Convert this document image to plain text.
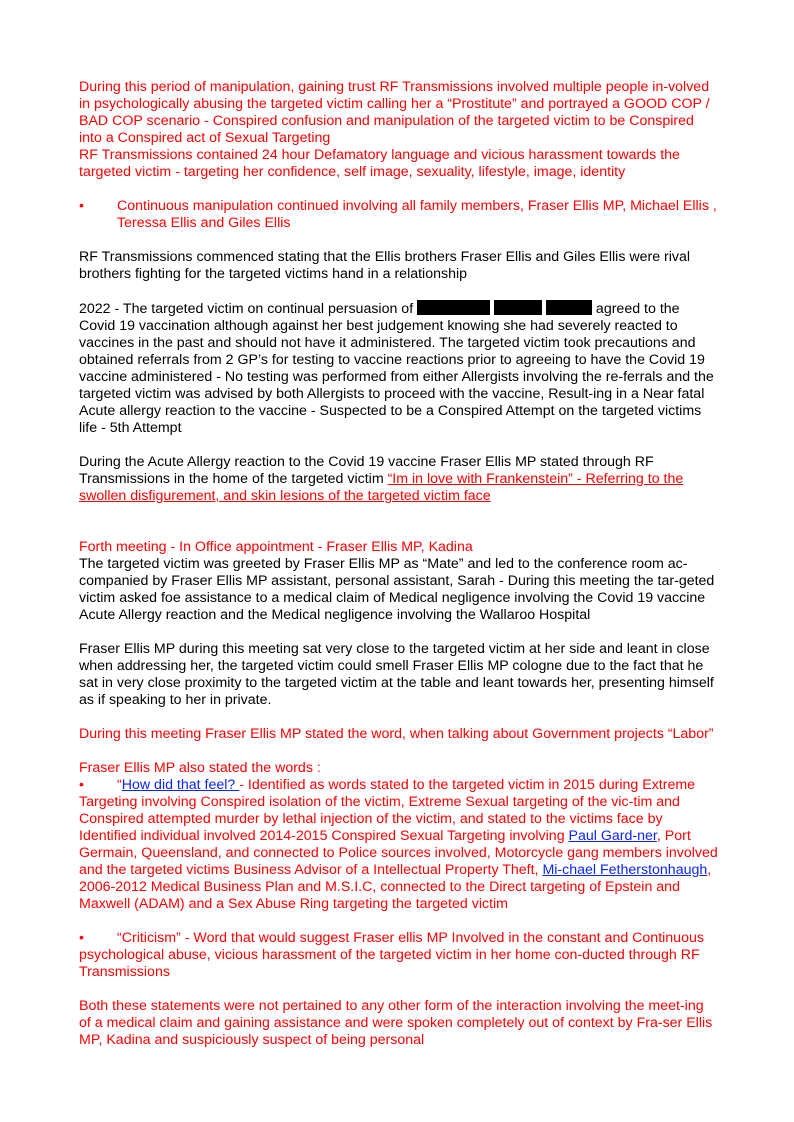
During this period of manipulation, gaining trust RF Transmissions involved multiple people in-volved in psychologically abusing the targeted victim calling her a “Prostitute” and portrayed a GOOD COP / BAD COP scenario - Conspired confusion and manipulation of the targeted victim to be Conspired into a Conspired act of Sexual Targeting

RF Transmissions contained 24 hour Defamatory language and vicious harassment towards the targeted victim - targeting her confidence, self image, sexuality, lifestyle, image, identity

• Continuous manipulation continued involving all family members, Fraser Ellis MP, Michael Ellis , Teressa Ellis and Giles Ellis

RF Transmissions commenced stating that the Ellis brothers Fraser Ellis and Giles Ellis were rival brothers fighting for the targeted victims hand in a relationship

2022 - The targeted victim on continual persuasion of	agreed to the Covid 19 vaccination although against her best judgement knowing she had severely reacted to vaccines in the past and should not have it administered. The targeted victim took precautions and obtained referrals from 2 GP’s for testing to vaccine reactions prior to agreeing to have the Covid 19 vaccine administered - No testing was performed from either Allergists involving the re-ferrals and the targeted victim was advised by both Allergists to proceed with the vaccine, Result-ing in a Near fatal Acute allergy reaction to the vaccine - Suspected to be a Conspired Attempt on the targeted victims life - 5th Attempt

During the Acute Allergy reaction to the Covid 19 vaccine Fraser Ellis MP stated through RF Transmissions in the home of the targeted victim “Im in love with Frankenstein” - Referring to the swollen disfigurement, and skin lesions of the targeted victim face

Forth meeting - In Office appointment - Fraser Ellis MP, Kadina

The targeted victim was greeted by Fraser Ellis MP as “Mate” and led to the conference room ac-companied by Fraser Ellis MP assistant, personal assistant, Sarah - During this meeting the tar-geted victim asked foe assistance to a medical claim of Medical negligence involving the Covid 19 vaccine Acute Allergy reaction and the Medical negligence involving the Wallaroo Hospital

Fraser Ellis MP during this meeting sat very close to the targeted victim at her side and leant in close when addressing her, the targeted victim could smell Fraser Ellis MP cologne due to the fact that he sat in very close proximity to the targeted victim at the table and leant towards her, presenting himself as if speaking to her in private.

During this meeting Fraser Ellis MP stated the word, when talking about Government projects “Labor”

Fraser Ellis MP also stated the words :

• “How did that feel? - Identified as words stated to the targeted victim in 2015 during Extreme Targeting involving Conspired isolation of the victim, Extreme Sexual targeting of the vic-tim and Conspired attempted murder by lethal injection of the victim, and stated to the victims face by Identified individual involved 2014-2015 Conspired Sexual Targeting involving Paul Gard-ner, Port Germain, Queensland, and connected to Police sources involved, Motorcycle gang members involved and the targeted victims Business Advisor of a Intellectual Property Theft, Mi-chael Fetherstonhaugh, 2006-2012 Medical Business Plan and M.S.I.C, connected to the Direct targeting of Epstein and Maxwell (ADAM) and a Sex Abuse Ring targeting the targeted victim

• “Criticism” - Word that would suggest Fraser ellis MP Involved in the constant and Continuous psychological abuse, vicious harassment of the targeted victim in her home con-ducted through RF Transmissions

Both these statements were not pertained to any other form of the interaction involving the meet-ing of a medical claim and gaining assistance and were spoken completely out of context by Fra-ser Ellis MP, Kadina and suspiciously suspect of being personal
